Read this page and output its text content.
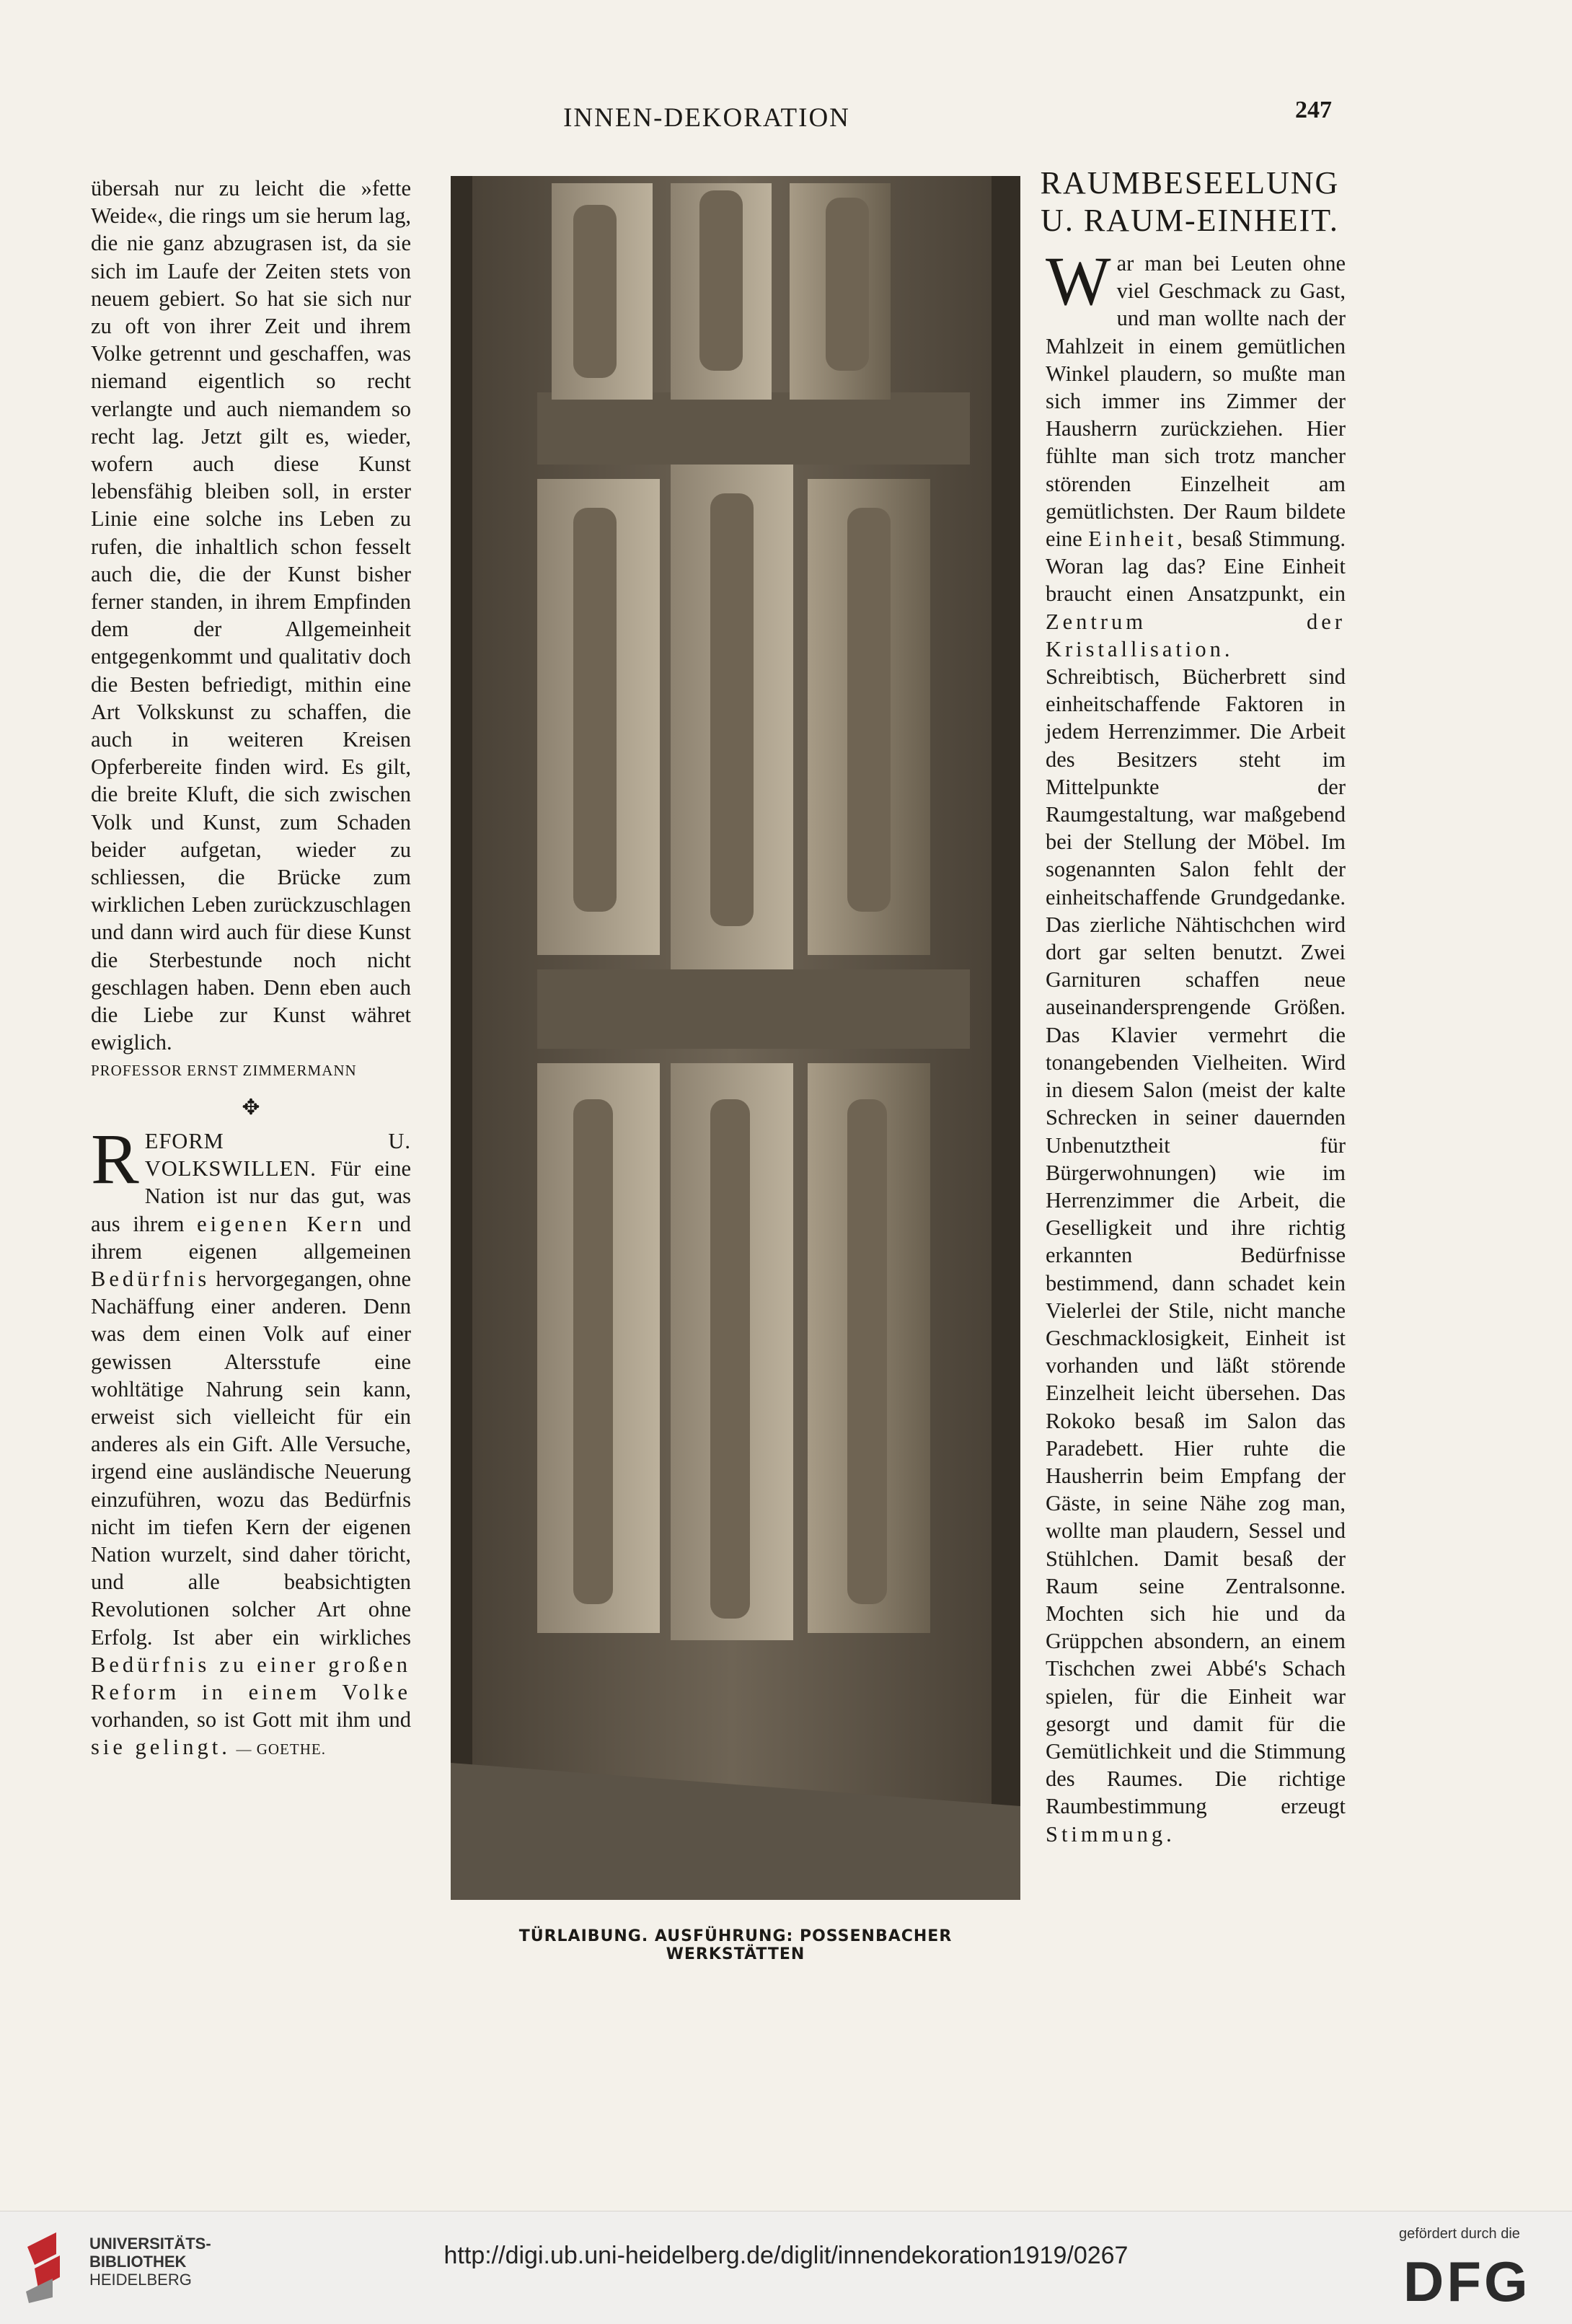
INNEN-DEKORATION	247

übersah nur zu leicht die »fette Weide«, die rings um sie herum lag, die nie ganz abzugrasen ist, da sie sich im Laufe der Zeiten stets von neuem gebiert. So hat sie sich nur zu oft von ihrer Zeit und ihrem Volke getrennt und geschaffen, was niemand eigentlich so recht verlangte und auch niemandem so recht lag. Jetzt gilt es, wieder, wofern auch diese Kunst lebensfähig bleiben soll, in erster Linie eine solche ins Leben zu rufen, die inhaltlich schon fesselt auch die, die der Kunst bisher ferner standen, in ihrem Empfinden dem der Allgemeinheit entgegenkommt und qualitativ doch die Besten befriedigt, mithin eine Art Volkskunst zu schaffen, die auch in weiteren Kreisen Opferbereite finden wird. Es gilt, die breite Kluft, die sich zwischen Volk und Kunst, zum Schaden beider aufgetan, wieder zu schliessen, die Brücke zum wirklichen Leben zurückzuschlagen und dann wird auch für diese Kunst die Sterbestunde noch nicht geschlagen haben. Denn eben auch die Liebe zur Kunst währet ewiglich.

PROFESSOR ERNST ZIMMERMANN

✥

REFORM U. VOLKSWILLEN. Für eine Nation ist nur das gut, was aus ihrem eigenen Kern und ihrem eigenen allgemeinen Bedürfnis hervorgegangen, ohne Nachäffung einer anderen. Denn was dem einen Volk auf einer gewissen Altersstufe eine wohltätige Nahrung sein kann, erweist sich vielleicht für ein anderes als ein Gift. Alle Versuche, irgend eine ausländische Neuerung einzuführen, wozu das Bedürfnis nicht im tiefen Kern der eigenen Nation wurzelt, sind daher töricht, und alle beabsichtigten Revolutionen solcher Art ohne Erfolg. Ist aber ein wirkliches Bedürfnis zu einer großen Reform in einem Volke vorhanden, so ist Gott mit ihm und sie gelingt. — GOETHE.

TÜRLAIBUNG. AUSFÜHRUNG: POSSENBACHER WERKSTÄTTEN
RAUMBESEELUNG
U. RAUM-EINHEIT.

War man bei Leuten ohne viel Geschmack zu Gast, und man wollte nach der Mahlzeit in einem gemütlichen Winkel plaudern, so mußte man sich immer ins Zimmer der Hausherrn zurückziehen. Hier fühlte man sich trotz mancher störenden Einzelheit am gemütlichsten. Der Raum bildete eine Einheit, besaß Stimmung. Woran lag das? Eine Einheit braucht einen Ansatzpunkt, ein Zentrum der Kristallisation. Schreibtisch, Bücherbrett sind einheitschaffende Faktoren in jedem Herrenzimmer. Die Arbeit des Besitzers steht im Mittelpunkte der Raumgestaltung, war maßgebend bei der Stellung der Möbel. Im sogenannten Salon fehlt der einheitschaffende Grundgedanke. Das zierliche Nähtischchen wird dort gar selten benutzt. Zwei Garnituren schaffen neue auseinandersprengende Größen. Das Klavier vermehrt die tonangebenden Vielheiten. Wird in diesem Salon (meist der kalte Schrecken in seiner dauernden Unbenutztheit für Bürgerwohnungen) wie im Herrenzimmer die Arbeit, die Geselligkeit und ihre richtig erkannten Bedürfnisse bestimmend, dann schadet kein Vielerlei der Stile, nicht manche Geschmacklosigkeit, Einheit ist vorhanden und läßt störende Einzelheit leicht übersehen. Das Rokoko besaß im Salon das Paradebett. Hier ruhte die Hausherrin beim Empfang der Gäste, in seine Nähe zog man, wollte man plaudern, Sessel und Stühlchen. Damit besaß der Raum seine Zentralsonne. Mochten sich hie und da Grüppchen absondern, an einem Tischchen zwei Abbé's Schach spielen, für die Einheit war gesorgt und damit für die Gemütlichkeit und die Stimmung des Raumes. Die richtige Raumbestimmung erzeugt Stimmung.

UNIVERSITÄTS-
BIBLIOTHEK
HEIDELBERG
http://digi.ub.uni-heidelberg.de/diglit/innendekoration1919/0267
gefördert durch die
DFG
